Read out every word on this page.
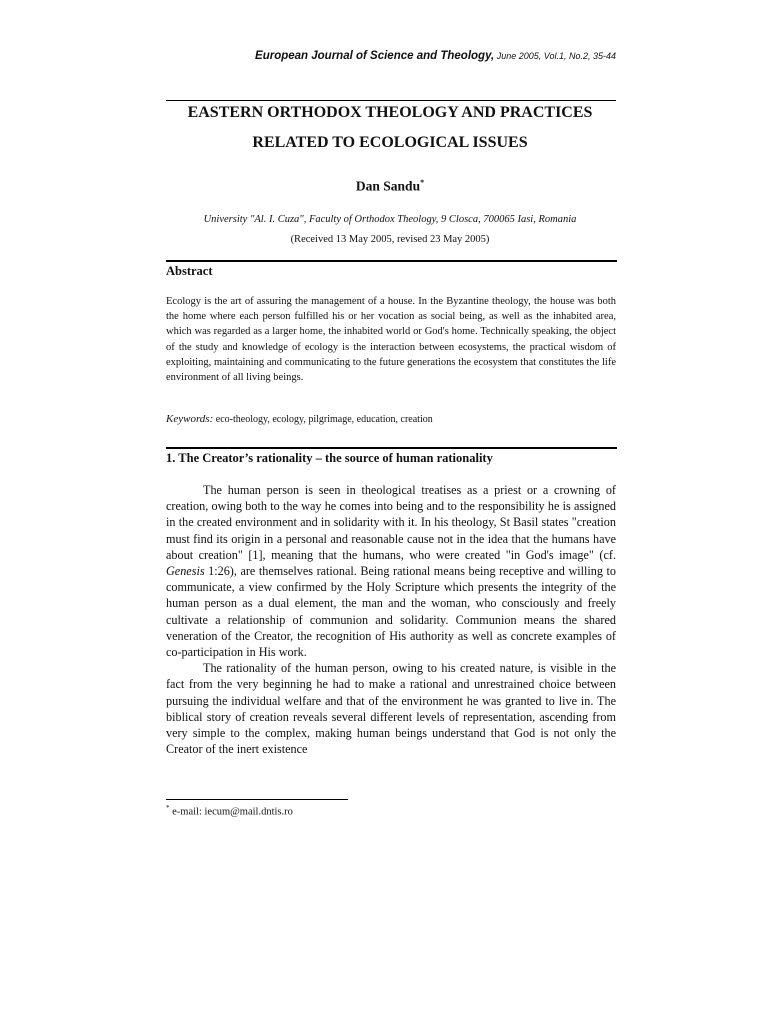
European Journal of Science and Theology, June 2005, Vol.1, No.2, 35-44
EASTERN ORTHODOX THEOLOGY AND PRACTICES
RELATED TO ECOLOGICAL ISSUES
Dan Sandu*
University "Al. I. Cuza", Faculty of Orthodox Theology, 9 Closca, 700065 Iasi, Romania
(Received 13 May 2005, revised 23 May 2005)
Abstract
Ecology is the art of assuring the management of a house. In the Byzantine theology, the house was both the home where each person fulfilled his or her vocation as social being, as well as the inhabited area, which was regarded as a larger home, the inhabited world or God's home. Technically speaking, the object of the study and knowledge of ecology is the interaction between ecosystems, the practical wisdom of exploiting, maintaining and communicating to the future generations the ecosystem that constitutes the life environment of all living beings.
Keywords: eco-theology, ecology, pilgrimage, education, creation
1. The Creator’s rationality – the source of human rationality

The human person is seen in theological treatises as a priest or a crowning of creation, owing both to the way he comes into being and to the responsibility he is assigned in the created environment and in solidarity with it. In his theology, St Basil states "creation must find its origin in a personal and reasonable cause not in the idea that the humans have about creation" [1], meaning that the humans, who were created "in God's image" (cf. Genesis 1:26), are themselves rational. Being rational means being receptive and willing to communicate, a view confirmed by the Holy Scripture which presents the integrity of the human person as a dual element, the man and the woman, who consciously and freely cultivate a relationship of communion and solidarity. Communion means the shared veneration of the Creator, the recognition of His authority as well as concrete examples of co-participation in His work.

The rationality of the human person, owing to his created nature, is visible in the fact from the very beginning he had to make a rational and unrestrained choice between pursuing the individual welfare and that of the environment he was granted to live in. The biblical story of creation reveals several different levels of representation, ascending from very simple to the complex, making human beings understand that God is not only the Creator of the inert existence

* e-mail: iecum@mail.dntis.ro
